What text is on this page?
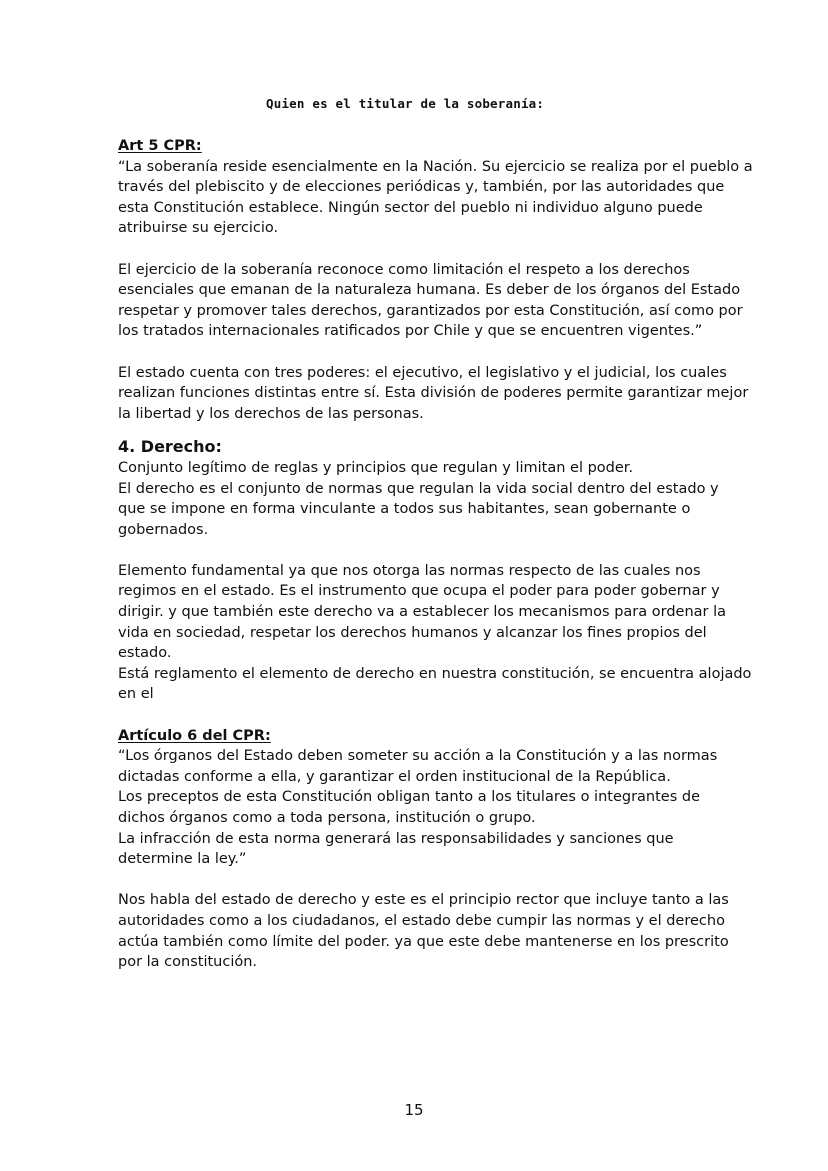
Quien es el titular de la soberanía:
Art 5 CPR:
“La soberanía reside esencialmente en la Nación. Su ejercicio se realiza por el pueblo a
través del plebiscito y de elecciones periódicas y, también, por las autoridades que
esta Constitución establece. Ningún sector del pueblo ni individuo alguno puede
atribuirse su ejercicio.
El ejercicio de la soberanía reconoce como limitación el respeto a los derechos
esenciales que emanan de la naturaleza humana. Es deber de los órganos del Estado
respetar y promover tales derechos, garantizados por esta Constitución, así como por
los tratados internacionales ratificados por Chile y que se encuentren vigentes.”
El estado cuenta con tres poderes: el ejecutivo, el legislativo y el judicial, los cuales
realizan funciones distintas entre sí. Esta división de poderes permite garantizar mejor
la libertad y los derechos de las personas.
4. Derecho:
Conjunto legítimo de reglas y principios que regulan y limitan el poder.
El derecho es el conjunto de normas que regulan la vida social dentro del estado y
que se impone en forma vinculante a todos sus habitantes, sean gobernante o
gobernados.
Elemento fundamental ya que nos otorga las normas respecto de las cuales nos
regimos en el estado. Es el instrumento que ocupa el poder para poder gobernar y
dirigir. y que también este derecho va a establecer los mecanismos para ordenar la
vida en sociedad, respetar los derechos humanos y alcanzar los fines propios del
estado.
Está reglamento el elemento de derecho en nuestra constitución, se encuentra alojado
en el
Artículo 6 del CPR:
“Los órganos del Estado deben someter su acción a la Constitución y a las normas
dictadas conforme a ella, y garantizar el orden institucional de la República.
Los preceptos de esta Constitución obligan tanto a los titulares o integrantes de
dichos órganos como a toda persona, institución o grupo.
La infracción de esta norma generará las responsabilidades y sanciones que
determine la ley.”
Nos habla del estado de derecho y este es el principio rector que incluye tanto a las
autoridades como a los ciudadanos, el estado debe cumpir las normas y el derecho
actúa también como límite del poder. ya que este debe mantenerse en los prescrito
por la constitución.
15
